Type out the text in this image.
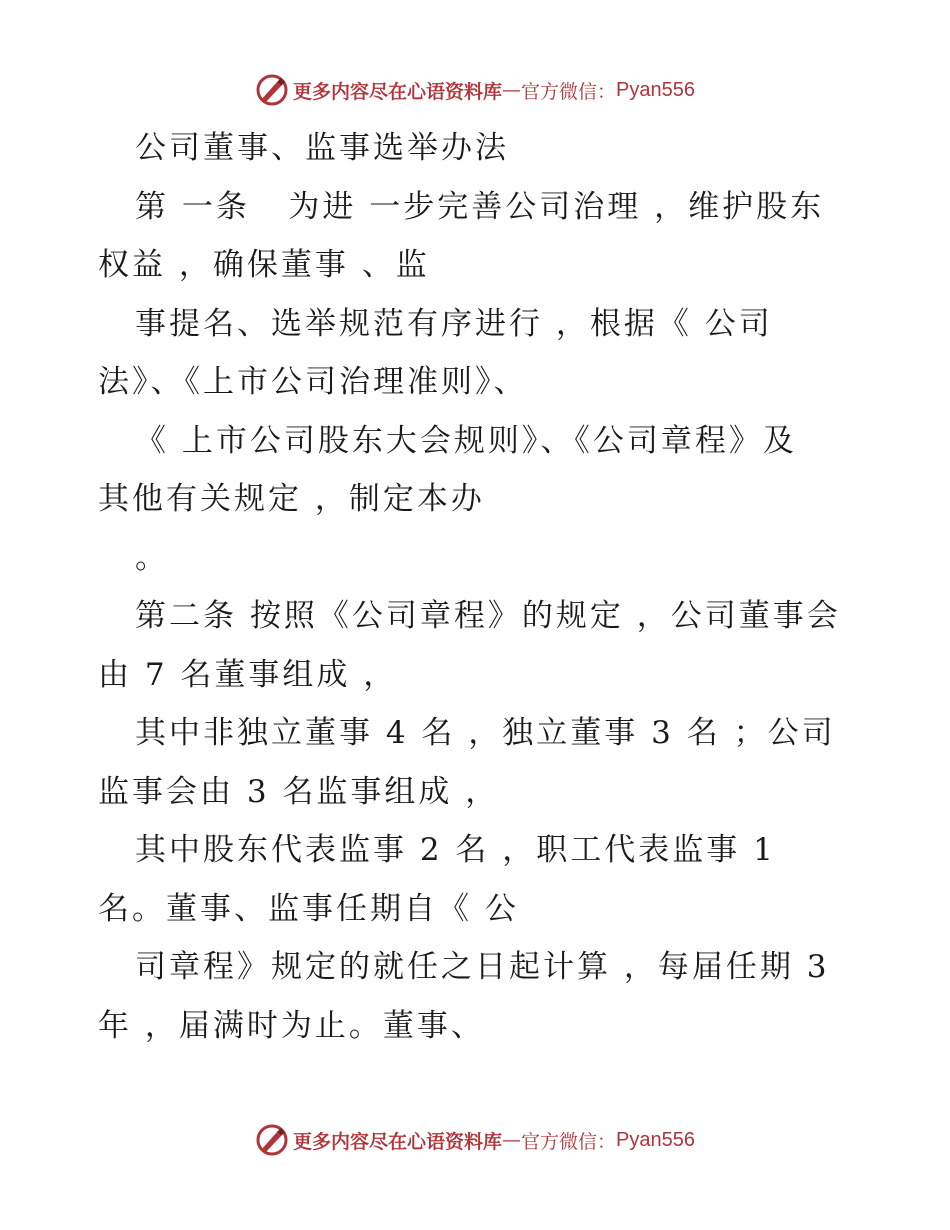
更多内容尽在心语资料库 — 官方微信： Pyan556
公司董事、监事选举办法
第 一条   为进 一步完善公司治理 ，维护股东
权益 ，确保董事 、监
事提名、选举规范有序进行 ，根据《 公司
法》、《上市公司治理准则》、
《 上市公司股东大会规则》、《公司章程》及
其他有关规定 ，制定本办
。
第二条 按照《公司章程》的规定 ，公司董事会
由 7 名董事组成 ，
其中非独立董事 4 名 ，独立董事 3 名 ；公司
监事会由 3 名监事组成 ，
其中股东代表监事 2 名 ，职工代表监事 1
名。董事、监事任期自《 公
司章程》规定的就任之日起计算 ，每届任期 3
年 ，届满时为止。董事、
更多内容尽在心语资料库 — 官方微信： Pyan556
